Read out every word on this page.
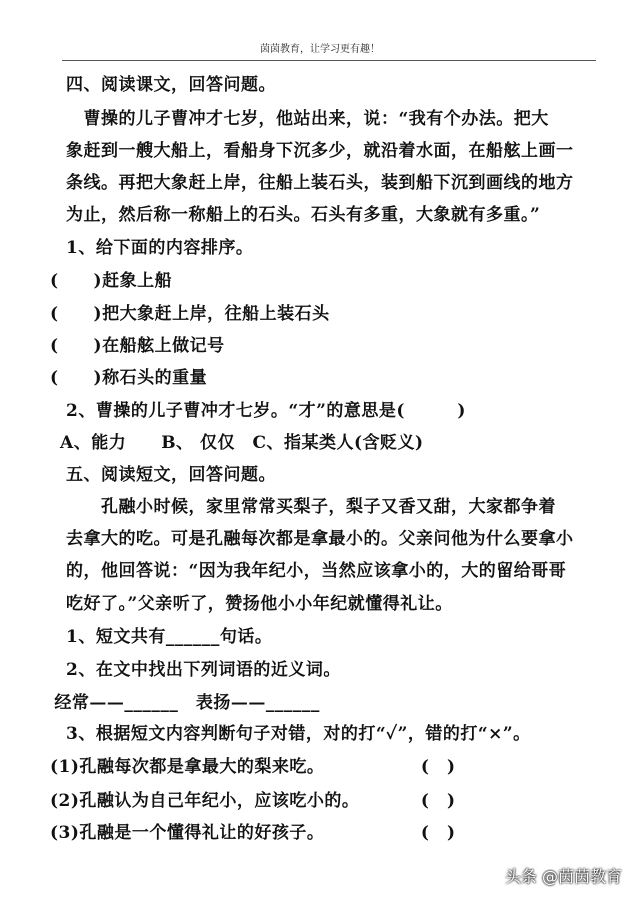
茵茵教育，让学习更有趣！
四、阅读课文，回答问题。
　曹操的儿子曹冲才七岁，他站出来，说：“我有个办法。把大
象赶到一艘大船上，看船身下沉多少，就沿着水面，在船舷上画一
条线。再把大象赶上岸，往船上装石头，装到船下沉到画线的地方
为止，然后称一称船上的石头。石头有多重，大象就有多重。”
1、给下面的内容排序。
(　　)赶象上船
(　　)把大象赶上岸，往船上装石头
(　　)在船舷上做记号
(　　)称石头的重量
2、曹操的儿子曹冲才七岁。“才”的意思是(　　　)
A、能力　　B、 仅仅　C、指某类人(含贬义)
五、阅读短文，回答问题。
　　孔融小时候，家里常常买梨子，梨子又香又甜，大家都争着
去拿大的吃。可是孔融每次都是拿最小的。父亲问他为什么要拿小
的，他回答说：“因为我年纪小，当然应该拿小的，大的留给哥哥
吃好了。”父亲听了，赞扬他小小年纪就懂得礼让。
1、短文共有______句话。
2、在文中找出下列词语的近义词。
经常——______　表扬——______
3、根据短文内容判断句子对错，对的打“✓”，错的打“×”。
(1)孔融每次都是拿最大的梨来吃。　　　　　　(　)
(2)孔融认为自己年纪小，应该吃小的。　　　　(　)
(3)孔融是一个懂得礼让的好孩子。　　　　　　(　)
头条 @茵茵教育
